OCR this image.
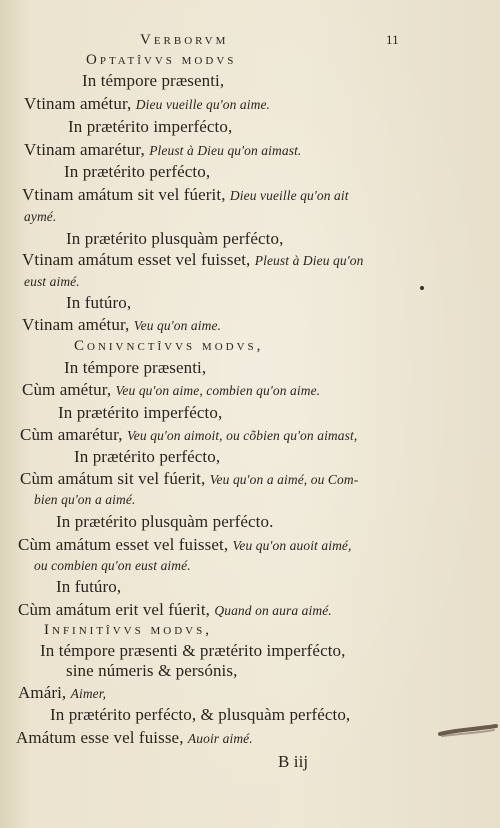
Verborvm	11
Optatîvvs modvs
In témpore præsenti,
Vtinam amétur, Dieu vueille qu'on aime.
In prætérito imperfécto,
Vtinam amarétur, Pleust à Dieu qu'on aimast.
In prætérito perfécto,
Vtinam amátum sit vel fúerit, Dieu vueille qu'on ait
aymé.
In prætérito plusquàm perfécto,
Vtinam amátum esset vel fuisset, Pleust à Dieu qu'on
eust aimé.
In futúro,
Vtinam amétur, Veu qu'on aime.
Conivnctîvvs modvs,
In témpore præsenti,
Cùm amétur, Veu qu'on aime, combien qu'on aime.
In prætérito imperfécto,
Cùm amarétur, Veu qu'on aimoit, ou cõbien qu'on aimast,
In prætérito perfécto,
Cùm amátum sit vel fúerit, Veu qu'on a aimé, ou Com-
bien qu'on a aimé.
In prætérito plusquàm perfécto.
Cùm amátum esset vel fuisset, Veu qu'on auoit aimé,
ou combien qu'on eust aimé.
In futúro,
Cùm amátum erit vel fúerit, Quand on aura aimé.
Infinitîvvs modvs,
In témpore præsenti & prætérito imperfécto,
sine númeris & persónis,
Amári, Aimer,
In prætérito perfécto, & plusquàm perfécto,
Amátum esse vel fuisse, Auoir aimé.
B iij
